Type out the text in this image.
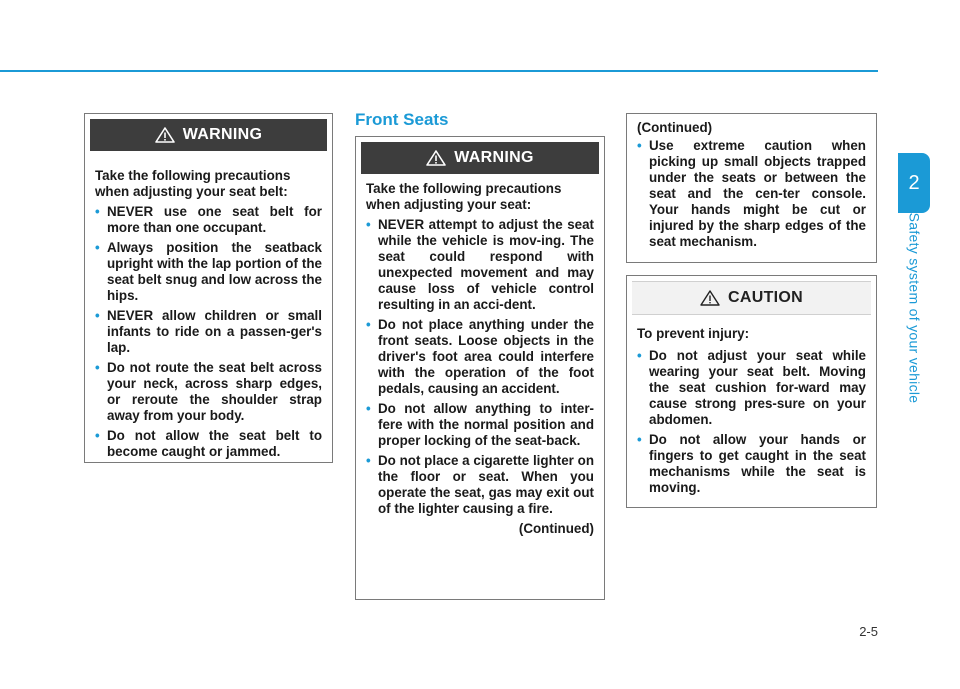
2
Safety system of your vehicle
WARNING

Take the following precautions when adjusting your seat belt:

• NEVER use one seat belt for more than one occupant.
• Always position the seatback upright with the lap portion of the seat belt snug and low across the hips.
• NEVER allow children or small infants to ride on a passen-ger's lap.
• Do not route the seat belt across your neck, across sharp edges, or reroute the shoulder strap away from your body.
• Do not allow the seat belt to become caught or jammed.
Front Seats
WARNING

Take the following precautions when adjusting your seat:

• NEVER attempt to adjust the seat while the vehicle is mov-ing. The seat could respond with unexpected movement and may cause loss of vehicle control resulting in an acci-dent.
• Do not place anything under the front seats. Loose objects in the driver's foot area could interfere with the operation of the foot pedals, causing an accident.
• Do not allow anything to inter-fere with the normal position and proper locking of the seat-back.
• Do not place a cigarette lighter on the floor or seat. When you operate the seat, gas may exit out of the lighter causing a fire.

(Continued)

(Continued)

• Use extreme caution when picking up small objects trapped under the seats or between the seat and the cen-ter console. Your hands might be cut or injured by the sharp edges of the seat mechanism.
CAUTION

To prevent injury:

• Do not adjust your seat while wearing your seat belt. Moving the seat cushion for-ward may cause strong pres-sure on your abdomen.
• Do not allow your hands or fingers to get caught in the seat mechanisms while the seat is moving.
2-5
